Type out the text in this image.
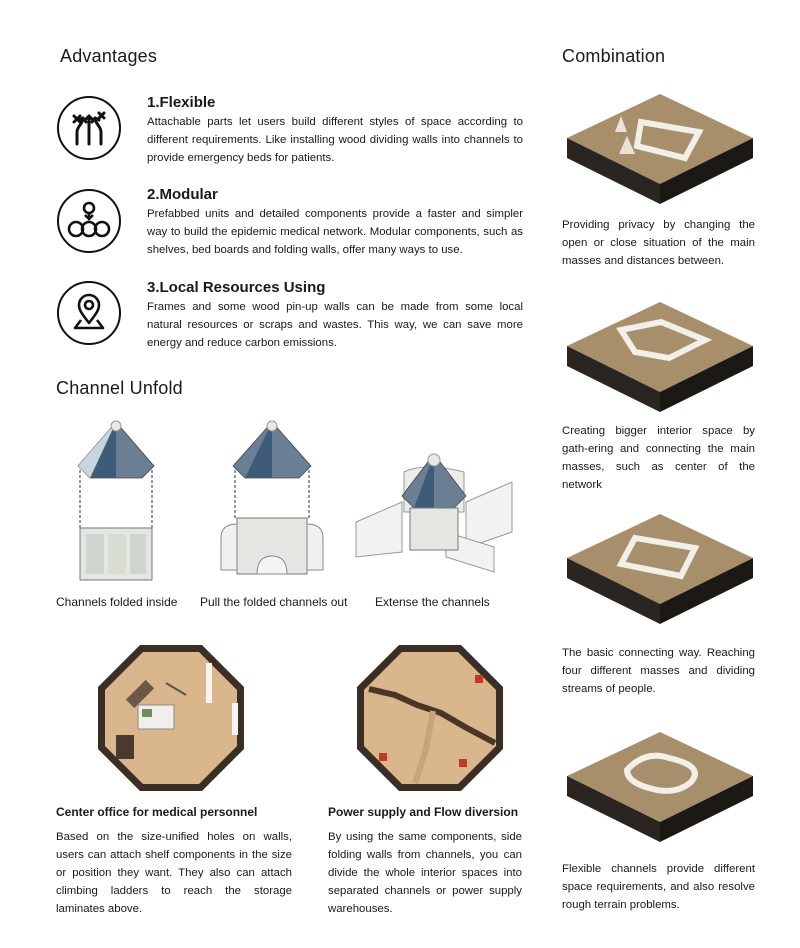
Advantages
1.Flexible

Attachable parts let users build different styles of space according to different requirements. Like installing wood dividing walls into channels to provide emergency beds for patients.

2.Modular

Prefabbed units and detailed components provide a faster and simpler way to build the epidemic medical network. Modular components, such as shelves, bed boards and folding walls, offer many ways to use.

3.Local Resources Using

Frames and some wood pin-up walls can be made from some local natural resources or scraps and wastes. This way, we can save more energy and reduce carbon emissions.

Channel Unfold
Channels folded inside Pull the folded channels out Extense the channels
Center office for medical personnel

Based on the size-unified holes on walls, users can attach shelf components in the size or position they want. They also can attach climbing ladders to reach the storage laminates above.

Power supply and Flow diversion

By using the same components, side folding walls from channels, you can divide the whole interior spaces into separated channels or power supply warehouses.

Combination

Providing privacy by changing the open or close situation of the main masses and distances between.

Creating bigger interior space by gath-ering and connecting the main masses, such as center of the network

The basic connecting way. Reaching four different masses and dividing streams of people.

Flexible channels provide different space requirements, and also resolve rough terrain problems.
